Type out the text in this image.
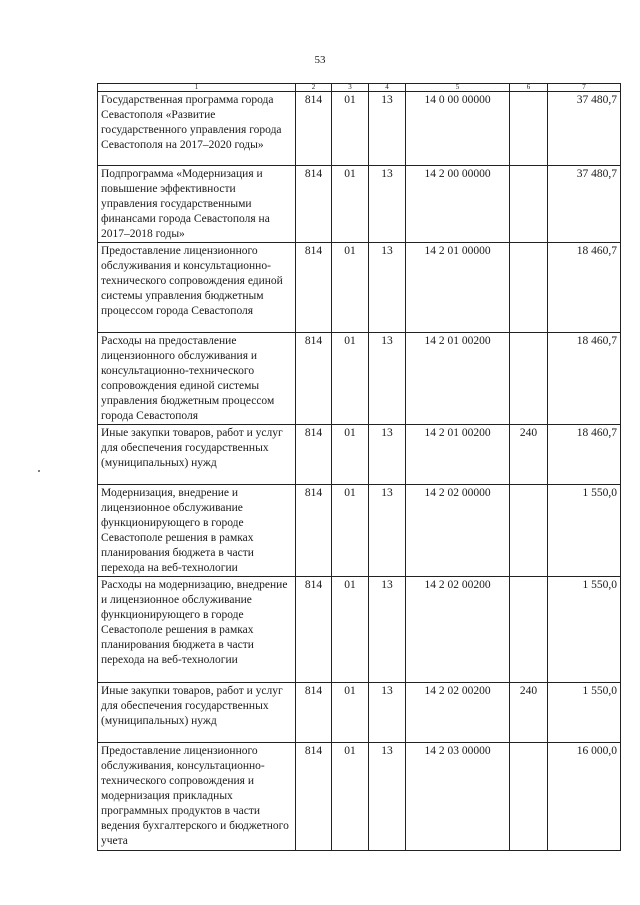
53
1	2	3	4	5	6	7
Государственная программа города Севастополя «Развитие государственного управления города Севастополя на 2017–2020 годы»	814	01	13	14 0 00 00000		37 480,7
Подпрограмма «Модернизация и повышение эффективности управления государственными финансами города Севастополя на 2017–2018 годы»	814	01	13	14 2 00 00000		37 480,7
Предоставление лицензионного обслуживания и консультационно-технического сопровождения единой системы управления бюджетным процессом города Севастополя	814	01	13	14 2 01 00000		18 460,7
Расходы на предоставление лицензионного обслуживания и консультационно-технического сопровождения единой системы управления бюджетным процессом города Севастополя	814	01	13	14 2 01 00200		18 460,7
Иные закупки товаров, работ и услуг для обеспечения государственных (муниципальных) нужд	814	01	13	14 2 01 00200	240	18 460,7
Модернизация, внедрение и лицензионное обслуживание функционирующего в городе Севастополе решения в рамках планирования бюджета в части перехода на веб-технологии	814	01	13	14 2 02 00000		1 550,0
Расходы на модернизацию, внедрение и лицензионное обслуживание функционирующего в городе Севастополе решения в рамках планирования бюджета в части перехода на веб-технологии	814	01	13	14 2 02 00200		1 550,0
Иные закупки товаров, работ и услуг для обеспечения государственных (муниципальных) нужд	814	01	13	14 2 02 00200	240	1 550,0
Предоставление лицензионного обслуживания, консультационно-технического сопровождения и модернизация прикладных программных продуктов в части ведения бухгалтерского и бюджетного учета	814	01	13	14 2 03 00000		16 000,0
